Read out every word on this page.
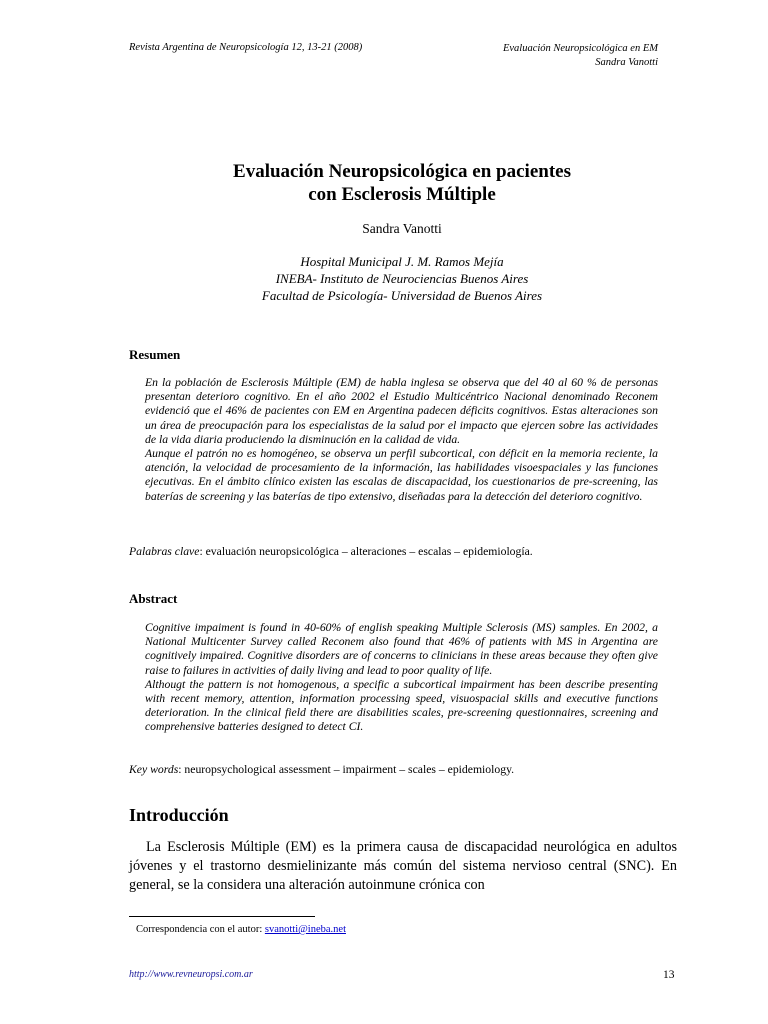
Revista Argentina de Neuropsicología 12, 13-21 (2008)	Evaluación Neuropsicológica en EM
Sandra Vanotti
Evaluación Neuropsicológica en pacientes
con Esclerosis Múltiple
Sandra Vanotti
Hospital Municipal J. M. Ramos Mejía
INEBA- Instituto de Neurociencias Buenos Aires
Facultad de Psicología- Universidad de Buenos Aires
Resumen

En la población de Esclerosis Múltiple (EM) de habla inglesa se observa que del 40 al 60 % de personas presentan deterioro cognitivo. En el año 2002 el Estudio Multicéntrico Nacional denominado Reconem evidenció que el 46% de pacientes con EM en Argentina padecen déficits cognitivos. Estas alteraciones son un área de preocupación para los especialistas de la salud por el impacto que ejercen sobre las actividades de la vida diaria produciendo la disminución en la calidad de vida.

Aunque el patrón no es homogéneo, se observa un perfil subcortical, con déficit en la memoria reciente, la atención, la velocidad de procesamiento de la información, las habilidades visoespaciales y las funciones ejecutivas. En el ámbito clínico existen las escalas de discapacidad, los cuestionarios de pre-screening, las baterías de screening y las baterías de tipo extensivo, diseñadas para la detección del deterioro cognitivo.

Palabras clave: evaluación neuropsicológica – alteraciones – escalas – epidemiología.
Abstract

Cognitive impaiment is found in 40-60% of english speaking Multiple Sclerosis (MS) samples. En 2002, a National Multicenter Survey called Reconem also found that 46% of patients with MS in Argentina are cognitively impaired. Cognitive disorders are of concerns to clinicians in these areas because they often give raise to failures in activities of daily living and lead to poor quality of life.

Althougt the pattern is not homogenous, a specific a subcortical impairment has been describe presenting with recent memory, attention, information processing speed, visuospacial skills and executive functions deterioration. In the clinical field there are disabilities scales, pre-screening questionnaires, screening and comprehensive batteries designed to detect CI.

Key words: neuropsychological assessment – impairment – scales – epidemiology.
Introducción

La Esclerosis Múltiple (EM) es la primera causa de discapacidad neurológica en adultos jóvenes y el trastorno desmielinizante más común del sistema nervioso central (SNC). En general, se la considera una alteración autoinmune crónica con

Correspondencia con el autor: svanotti@ineba.net
http://www.revneuropsi.com.ar	13
